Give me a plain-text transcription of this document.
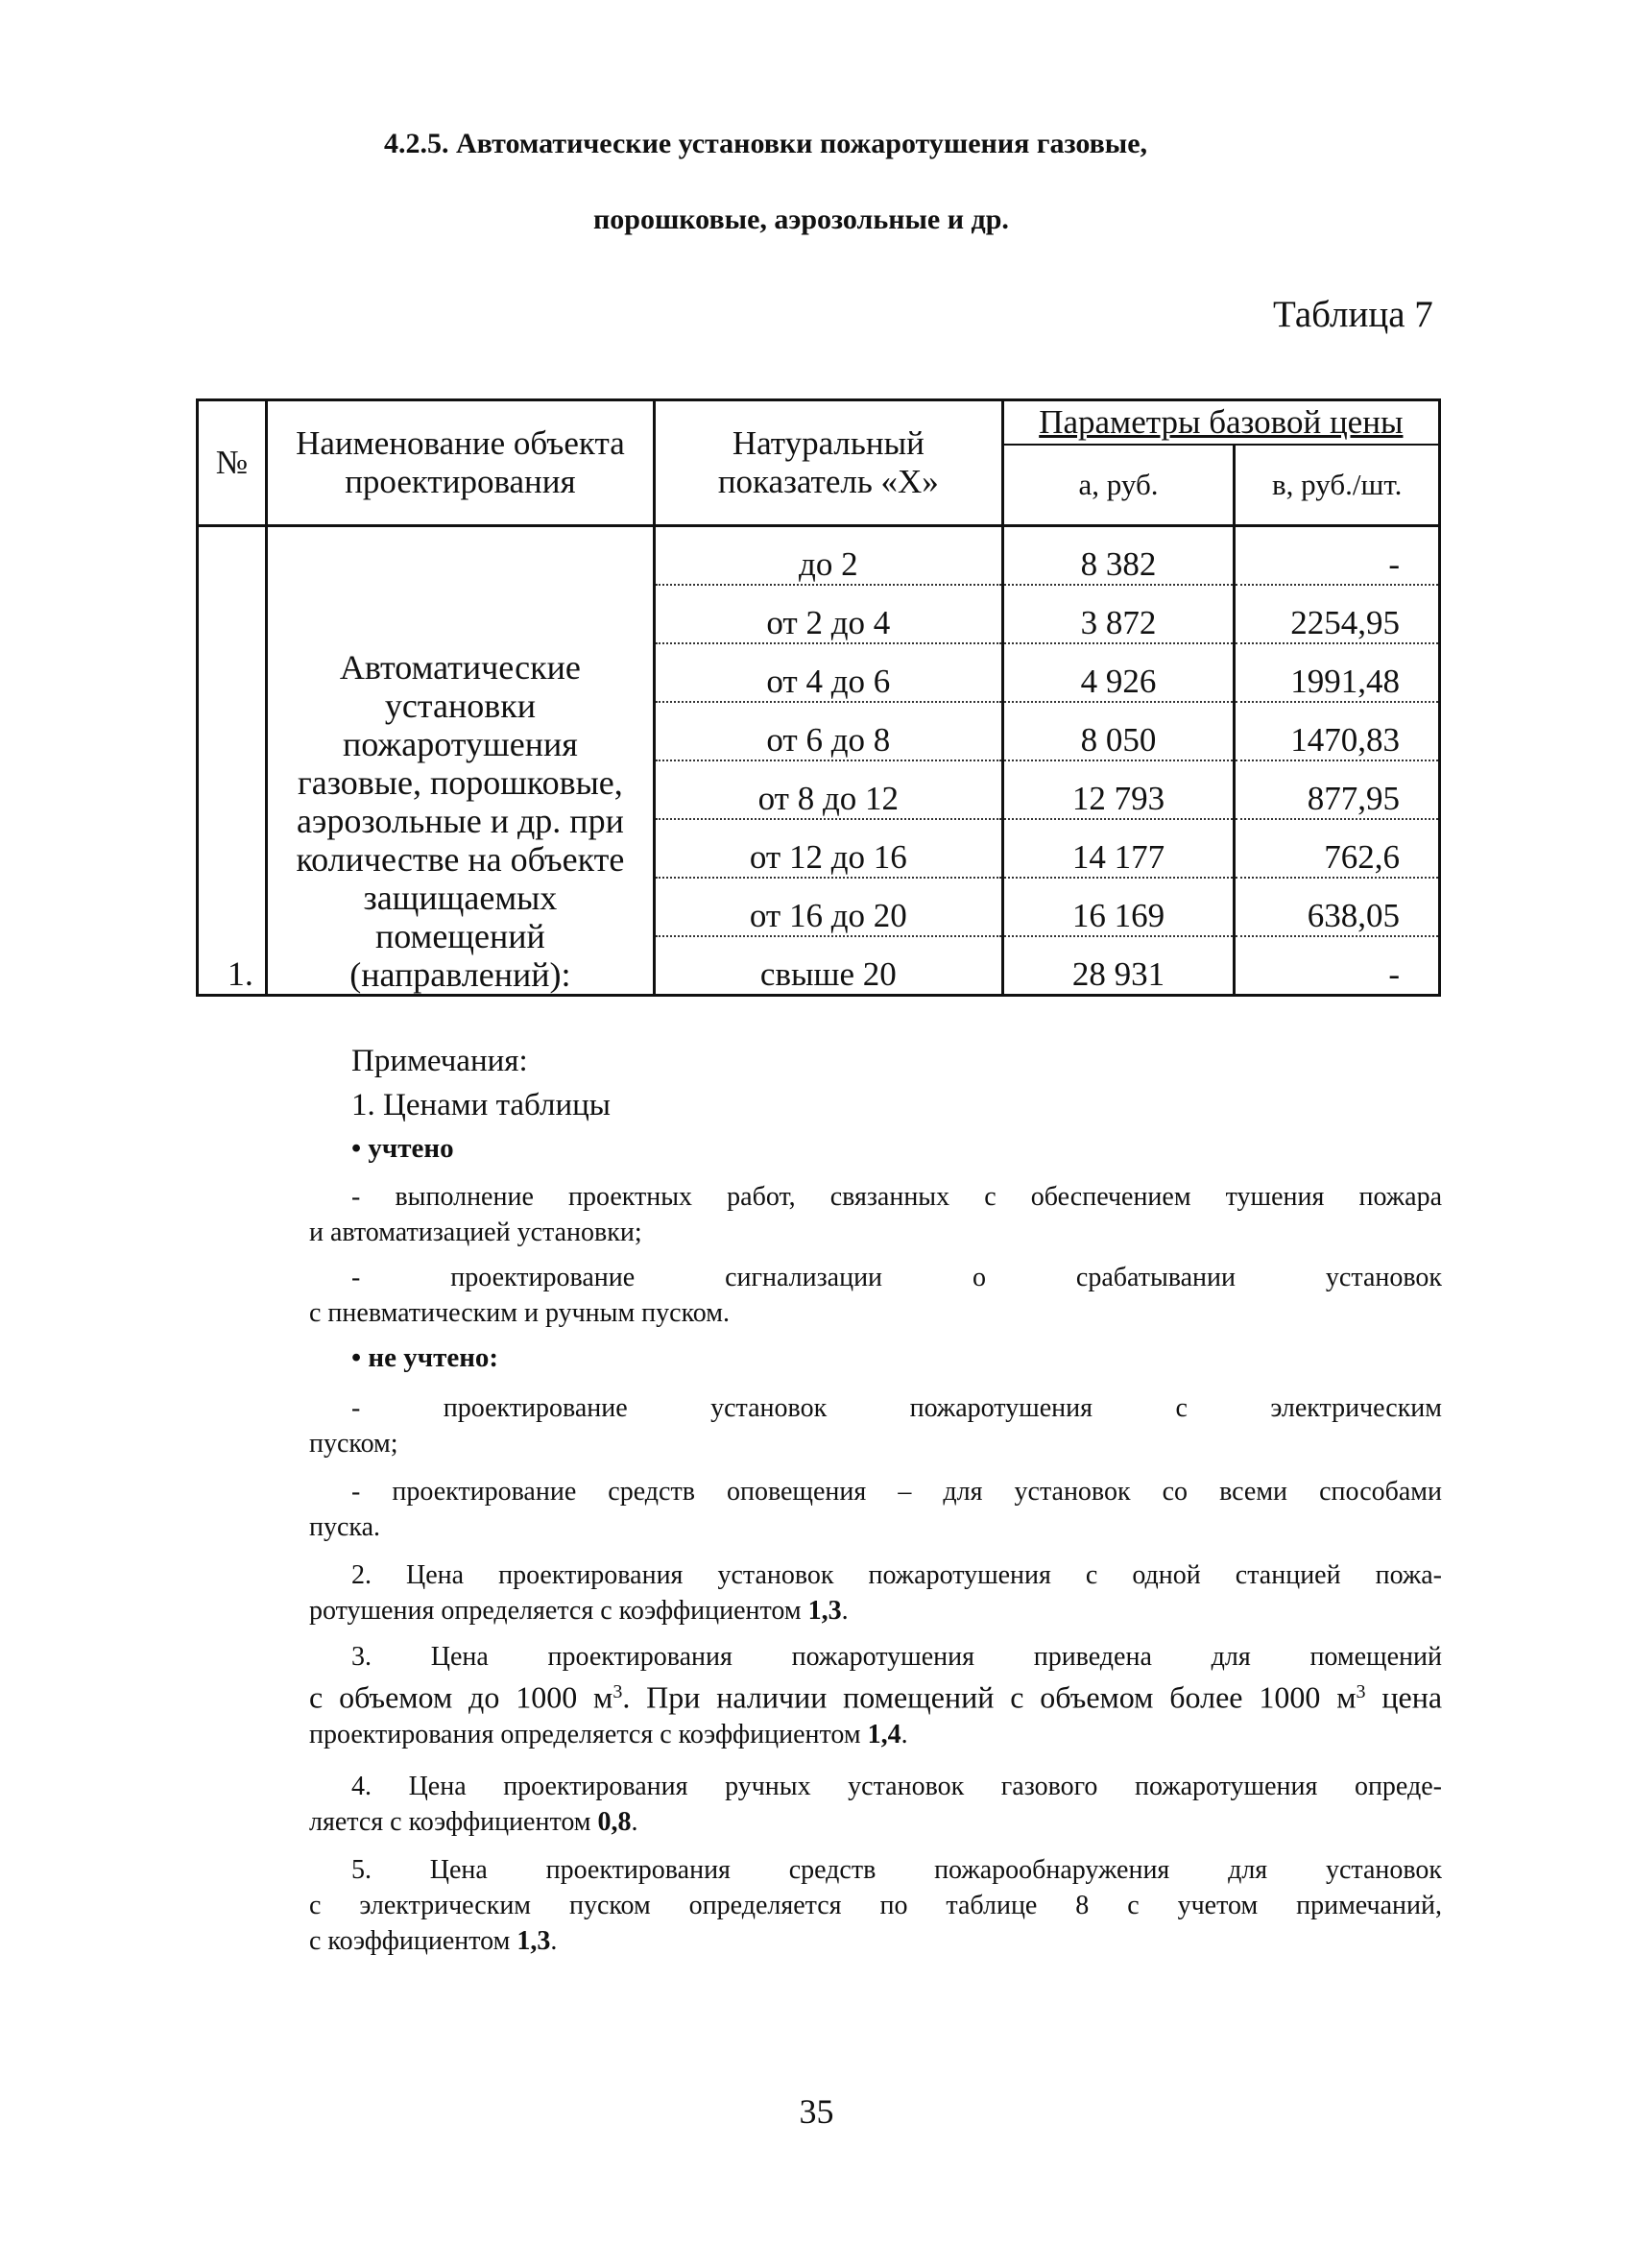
4.2.5. Автоматические установки пожаротушения газовые,
порошковые, аэрозольные и др.
Таблица 7
№	Наименование объекта проектирования	Натуральный показатель «Х»	Параметры базовой цены	
			а, руб.	в, руб./шт.
1.	Автоматические установки пожаротушения газовые, порошковые, аэрозольные и др. при количестве на объекте защищаемых помещений (направлений):	до 2	8 382	-
		от 2 до 4	3 872	2254,95
		от 4 до 6	4 926	1991,48
		от 6 до 8	8 050	1470,83
		от 8 до 12	12 793	877,95
		от 12 до 16	14 177	762,6
		от 16 до 20	16 169	638,05
		свыше 20	28 931	-
Примечания:
1. Ценами таблицы
• учтено

- выполнение проектных работ, связанных с обеспечением тушения пожара

и автоматизацией установки;

- проектирование сигнализации о срабатывании установок

с пневматическим и ручным пуском.

• не учтено:

- проектирование установок пожаротушения с электрическим

пуском;

- проектирование средств оповещения – для установок со всеми способами

пуска.

2. Цена проектирования установок пожаротушения с одной станцией пожа-

ротушения определяется с коэффициентом 1,3.

3. Цена проектирования пожаротушения приведена для помещений

с объемом до 1000 $м^3$. При наличии помещений с объемом более 1000 $м^3$ цена

проектирования определяется с коэффициентом 1,4.

4. Цена проектирования ручных установок газового пожаротушения опреде-

ляется с коэффициентом 0,8.

5. Цена проектирования средств пожарообнаружения для установок

с электрическим пуском определяется по таблице 8 с учетом примечаний,

с коэффициентом 1,3.

35
